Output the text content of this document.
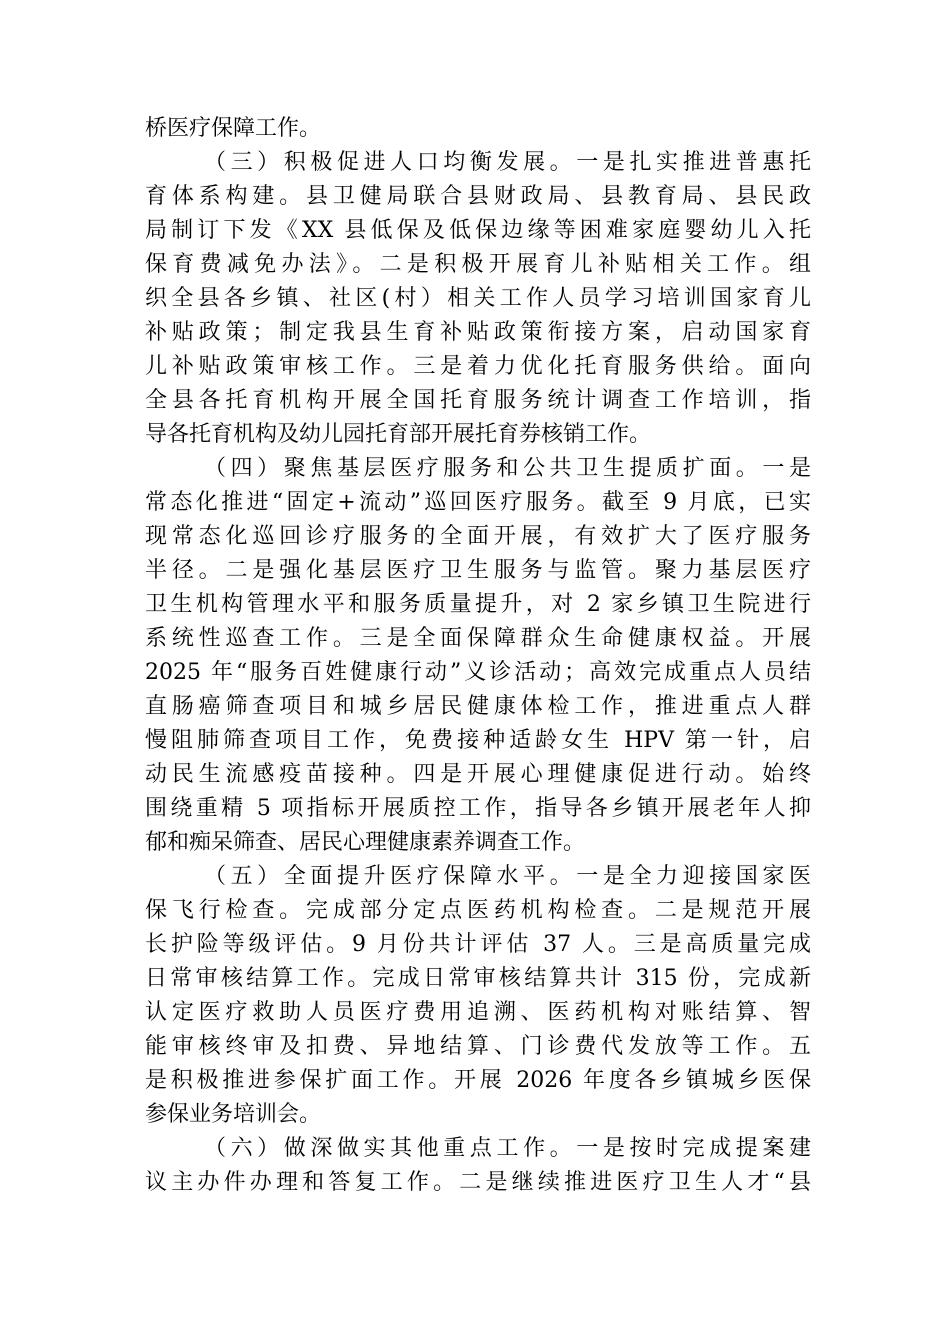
桥医疗保障工作。
（三）积极促进人口均衡发展。一是扎实推进普惠托
育体系构建。县卫健局联合县财政局、县教育局、县民政
局制订下发《XX 县低保及低保边缘等困难家庭婴幼儿入托
保育费减免办法》。二是积极开展育儿补贴相关工作。组
织全县各乡镇、社区(村）相关工作人员学习培训国家育儿
补贴政策；制定我县生育补贴政策衔接方案，启动国家育
儿补贴政策审核工作。三是着力优化托育服务供给。面向
全县各托育机构开展全国托育服务统计调查工作培训，指
导各托育机构及幼儿园托育部开展托育券核销工作。
（四）聚焦基层医疗服务和公共卫生提质扩面。一是
常态化推进“固定+流动”巡回医疗服务。截至 9 月底，已实
现常态化巡回诊疗服务的全面开展，有效扩大了医疗服务
半径。二是强化基层医疗卫生服务与监管。聚力基层医疗
卫生机构管理水平和服务质量提升，对 2 家乡镇卫生院进行
系统性巡查工作。三是全面保障群众生命健康权益。开展
2025 年“服务百姓健康行动”义诊活动；高效完成重点人员结
直肠癌筛查项目和城乡居民健康体检工作，推进重点人群
慢阻肺筛查项目工作，免费接种适龄女生 HPV 第一针，启
动民生流感疫苗接种。四是开展心理健康促进行动。始终
围绕重精 5 项指标开展质控工作，指导各乡镇开展老年人抑
郁和痴呆筛查、居民心理健康素养调查工作。
（五）全面提升医疗保障水平。一是全力迎接国家医
保飞行检查。完成部分定点医药机构检查。二是规范开展
长护险等级评估。9 月份共计评估 37 人。三是高质量完成
日常审核结算工作。完成日常审核结算共计 315 份，完成新
认定医疗救助人员医疗费用追溯、医药机构对账结算、智
能审核终审及扣费、异地结算、门诊费代发放等工作。五
是积极推进参保扩面工作。开展 2026 年度各乡镇城乡医保
参保业务培训会。
（六）做深做实其他重点工作。一是按时完成提案建
议主办件办理和答复工作。二是继续推进医疗卫生人才“县
